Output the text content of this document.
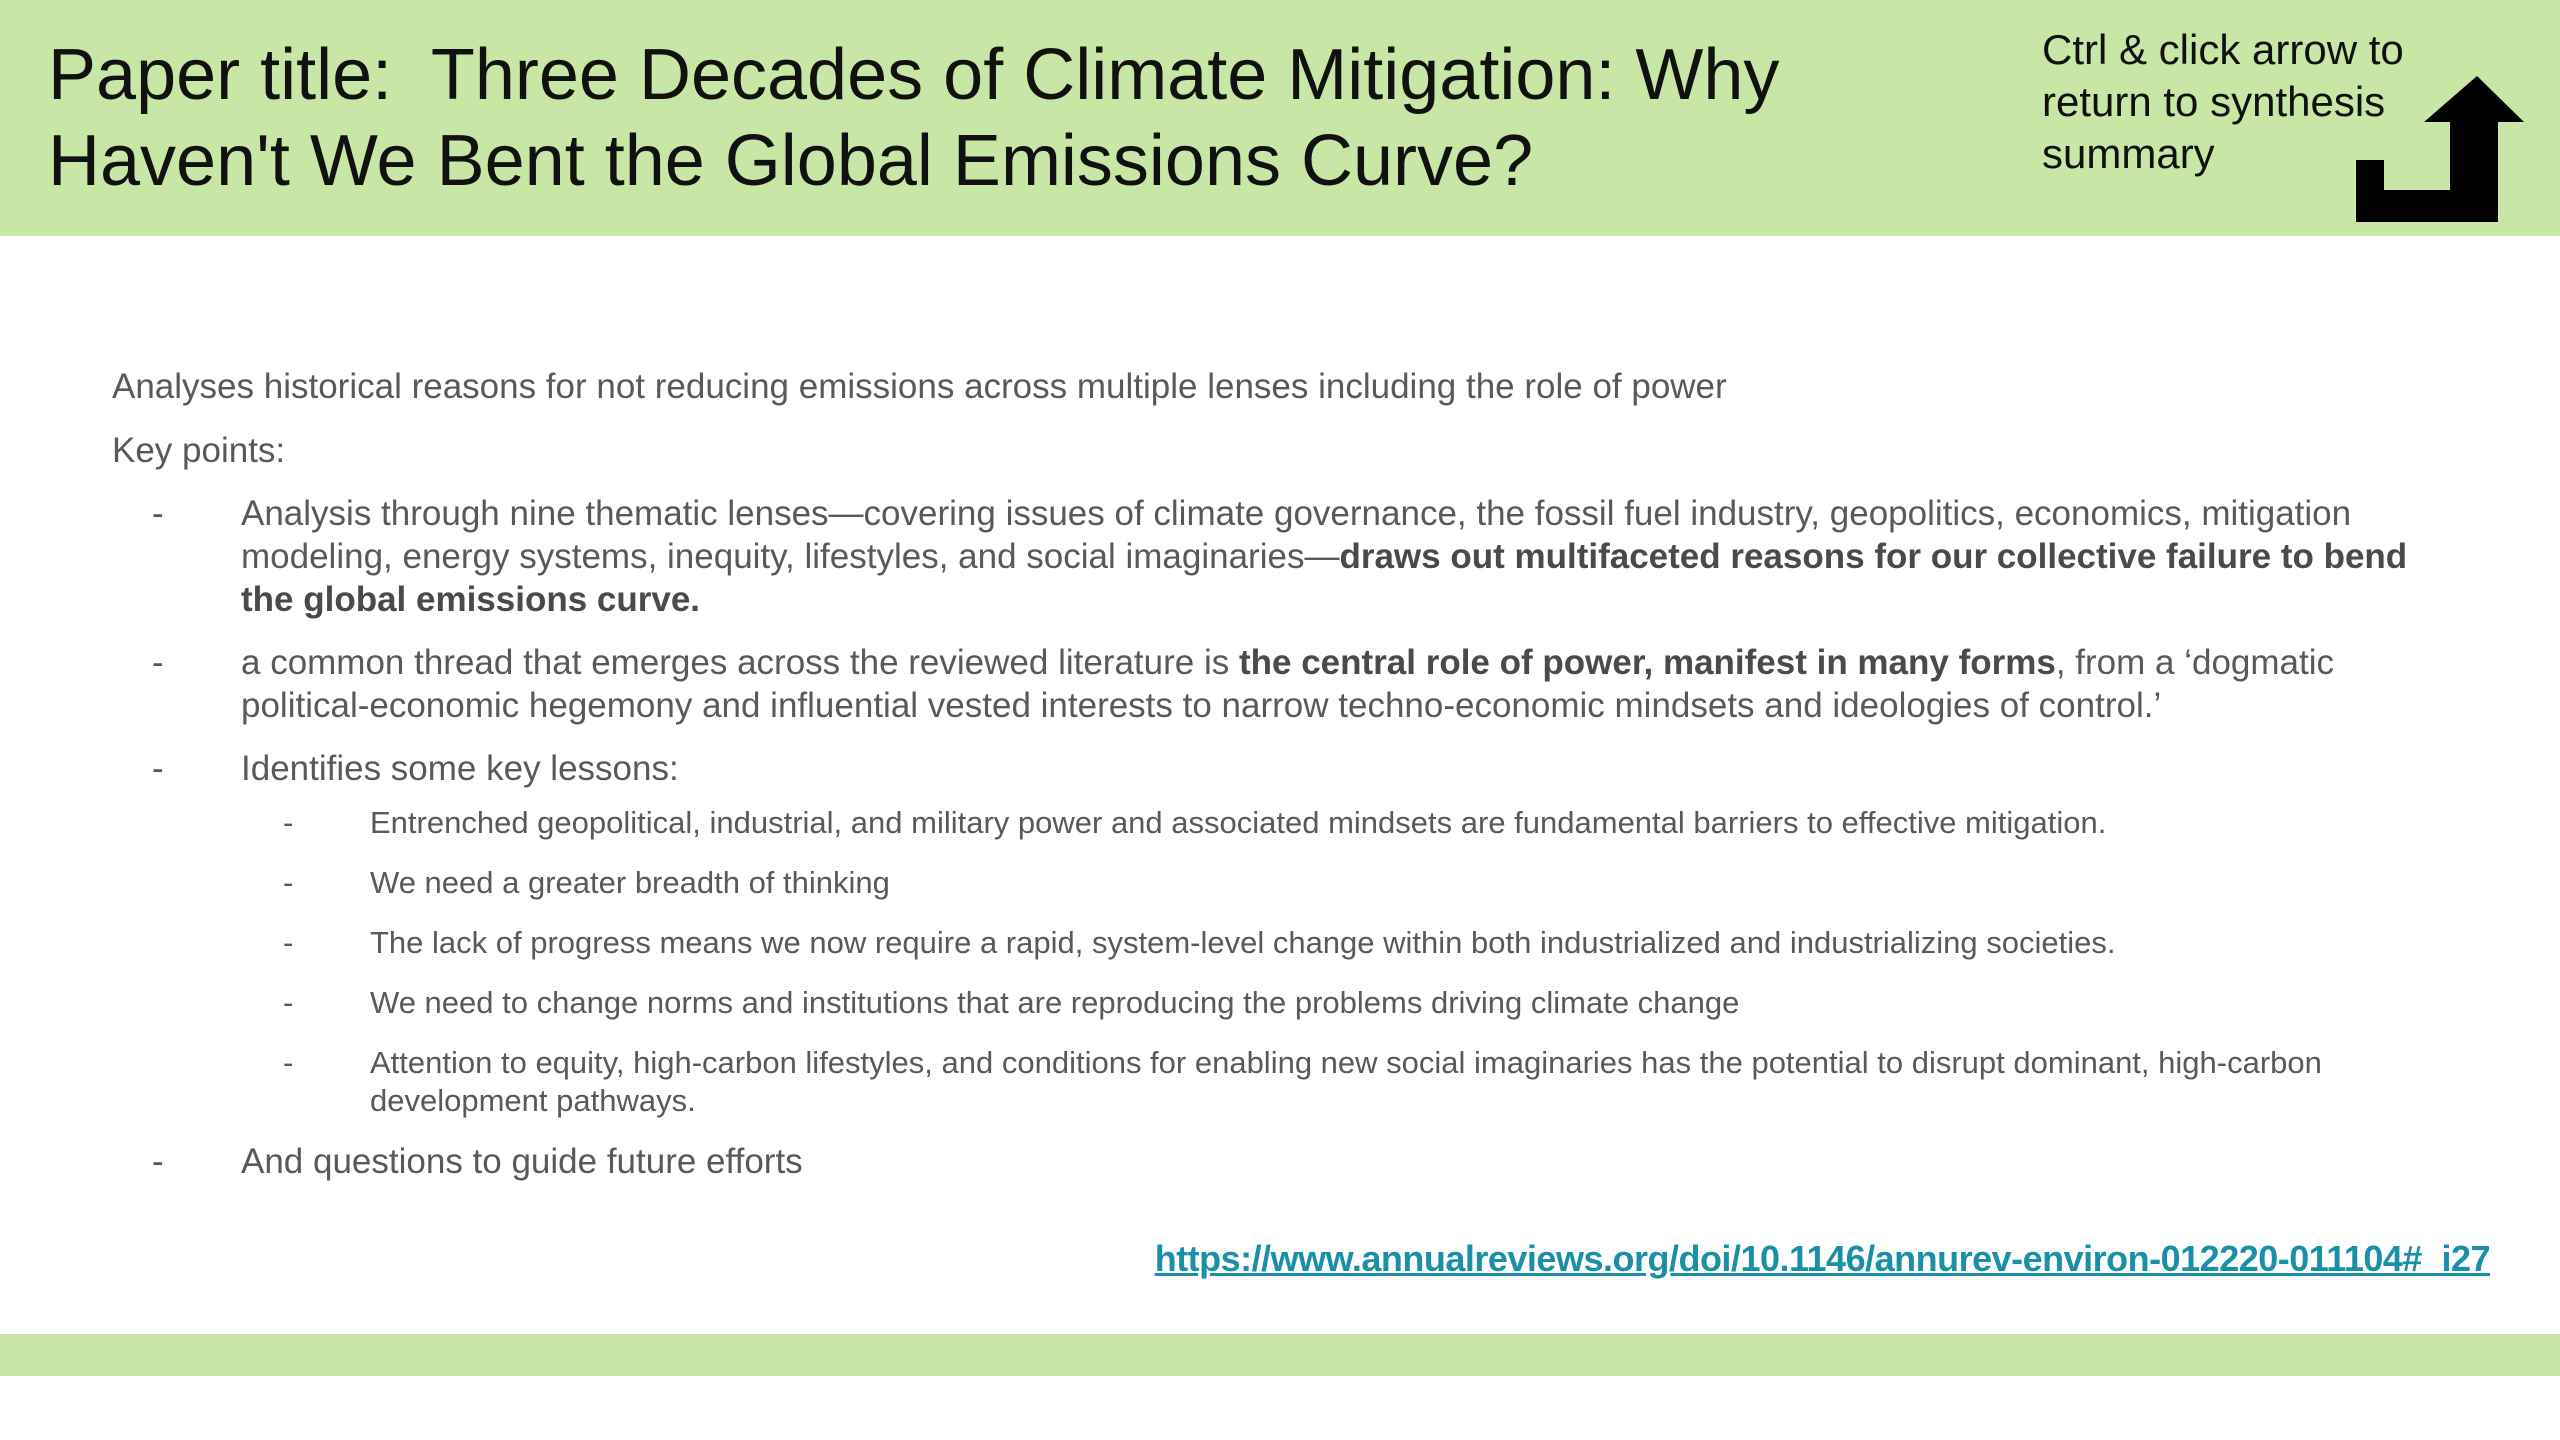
Paper title:  Three Decades of Climate Mitigation: Why Haven't We Bent the Global Emissions Curve?
Ctrl & click arrow to return to synthesis summary

Analyses historical reasons for not reducing emissions across multiple lenses including the role of power

Key points:

- Analysis through nine thematic lenses—covering issues of climate governance, the fossil fuel industry, geopolitics, economics, mitigation modeling, energy systems, inequity, lifestyles, and social imaginaries—draws out multifaceted reasons for our collective failure to bend the global emissions curve.
- a common thread that emerges across the reviewed literature is the central role of power, manifest in many forms, from a ‘dogmatic political-economic hegemony and influential vested interests to narrow techno-economic mindsets and ideologies of control.’
- Identifies some key lessons:
- Entrenched geopolitical, industrial, and military power and associated mindsets are fundamental barriers to effective mitigation.
- We need a greater breadth of thinking
- The lack of progress means we now require a rapid, system-level change within both industrialized and industrializing societies.
- We need to change norms and institutions that are reproducing the problems driving climate change
- Attention to equity, high-carbon lifestyles, and conditions for enabling new social imaginaries has the potential to disrupt dominant, high-carbon development pathways.
- And questions to guide future efforts
https://www.annualreviews.org/doi/10.1146/annurev-environ-012220-011104#_i27
